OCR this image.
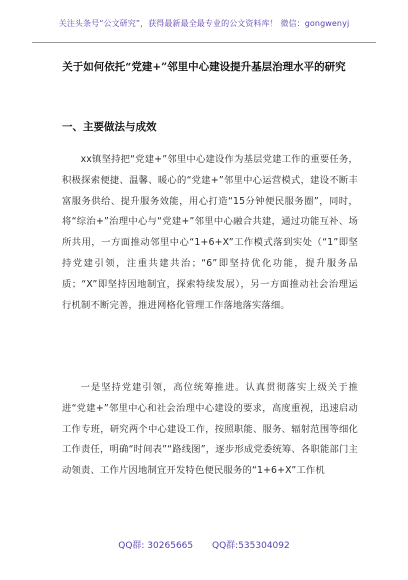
关注头条号“公文研究”，获得最新最全最专业的公文资料库！ 微信：gongwenyj
关于如何依托“党建+”邻里中心建设提升基层治理水平的研究
一、主要做法与成效
xx镇坚持把“党建+”邻里中心建设作为基层党建工作的重要任务，积极探索便捷、温馨、暖心的“党建+”邻里中心运营模式，建设不断丰富服务供给、提升服务效能，用心打造“15分钟便民服务圈”，同时，将“综治+”治理中心与“党建+”邻里中心融合共建，通过功能互补、场所共用，一方面推动邻里中心“1+6+X”工作模式落到实处（“1”即坚持党建引领，注重共建共治；“6”即坚持优化功能，提升服务品质；“X”即坚持因地制宜，探索特续发展），另一方面推动社会治理运行机制不断完善，推进网格化管理工作落地落实落细。
一是坚持党建引领，高位统筹推进。认真贯彻落实上级关于推进“党建+”邻里中心和社会治理中心建设的要求，高度重视，迅速启动工作专班，研究两个中心建设工作，按照职能、服务、辐射范围等细化工作责任，明确“时间表”“路线图”，逐步形成党委统筹、各职能部门主动领责、工作片因地制宜开发特色便民服务的“1+6+X”工作机
QQ群: 30265665 QQ群:535304092
